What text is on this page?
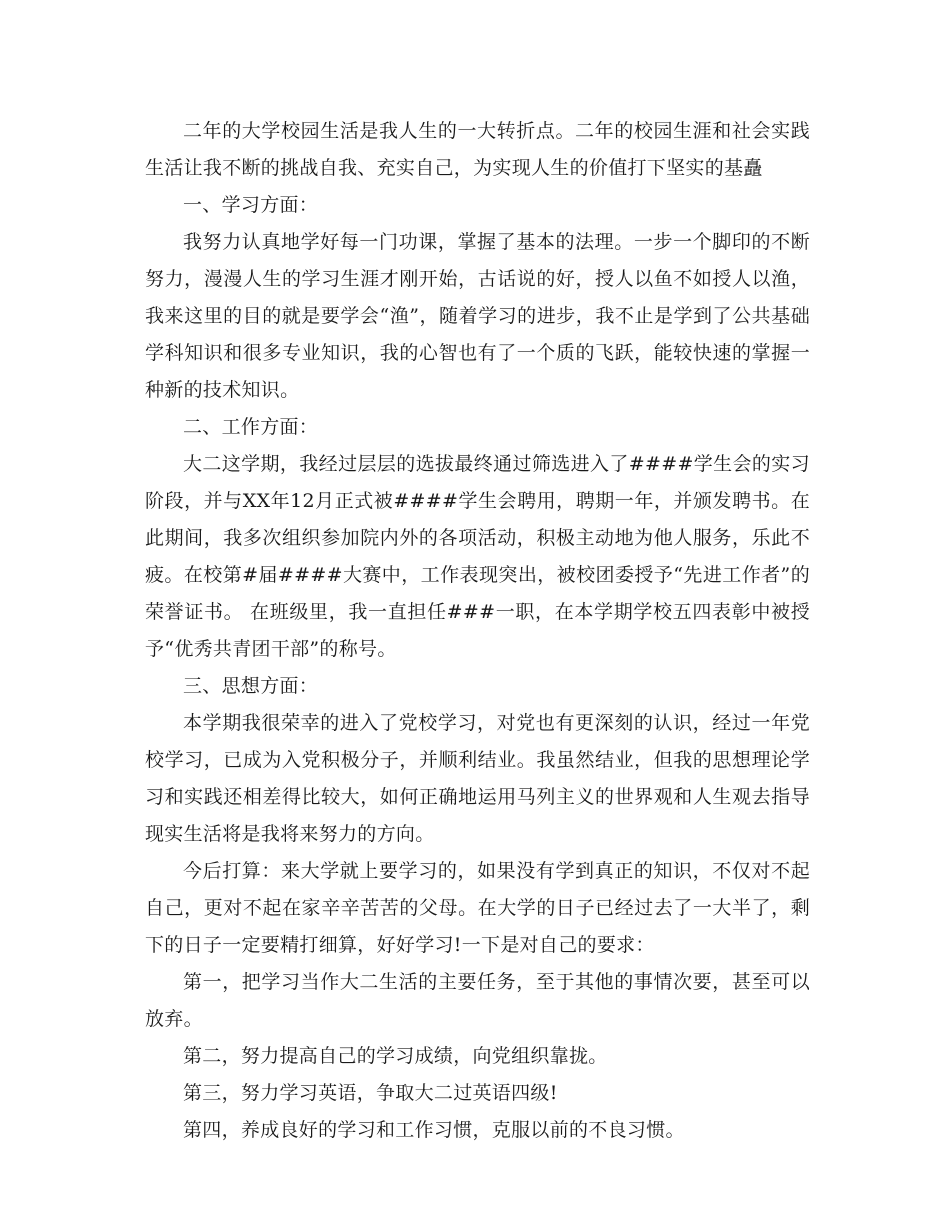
二年的大学校园生活是我人生的一大转折点。二年的校园生涯和社会实践生活让我不断的挑战自我、充实自己，为实现人生的价值打下坚实的基矗

一、学习方面：

我努力认真地学好每一门功课，掌握了基本的法理。一步一个脚印的不断努力，漫漫人生的学习生涯才刚开始，古话说的好，授人以鱼不如授人以渔，我来这里的目的就是要学会“渔”，随着学习的进步，我不止是学到了公共基础学科知识和很多专业知识，我的心智也有了一个质的飞跃，能较快速的掌握一种新的技术知识。

二、工作方面：

大二这学期，我经过层层的选拔最终通过筛选进入了####学生会的实习阶段，并与XX年12月正式被####学生会聘用，聘期一年，并颁发聘书。在此期间，我多次组织参加院内外的各项活动，积极主动地为他人服务，乐此不疲。在校第#届####大赛中，工作表现突出，被校团委授予“先进工作者”的荣誉证书。 在班级里，我一直担任###一职，在本学期学校五四表彰中被授予“优秀共青团干部”的称号。

三、思想方面：

本学期我很荣幸的进入了党校学习，对党也有更深刻的认识，经过一年党校学习，已成为入党积极分子，并顺利结业。我虽然结业，但我的思想理论学习和实践还相差得比较大，如何正确地运用马列主义的世界观和人生观去指导现实生活将是我将来努力的方向。

今后打算：来大学就上要学习的，如果没有学到真正的知识，不仅对不起自己，更对不起在家辛辛苦苦的父母。在大学的日子已经过去了一大半了，剩下的日子一定要精打细算，好好学习!一下是对自己的要求：

第一，把学习当作大二生活的主要任务，至于其他的事情次要，甚至可以放弃。

第二，努力提高自己的学习成绩，向党组织靠拢。

第三，努力学习英语，争取大二过英语四级!

第四，养成良好的学习和工作习惯，克服以前的不良习惯。
